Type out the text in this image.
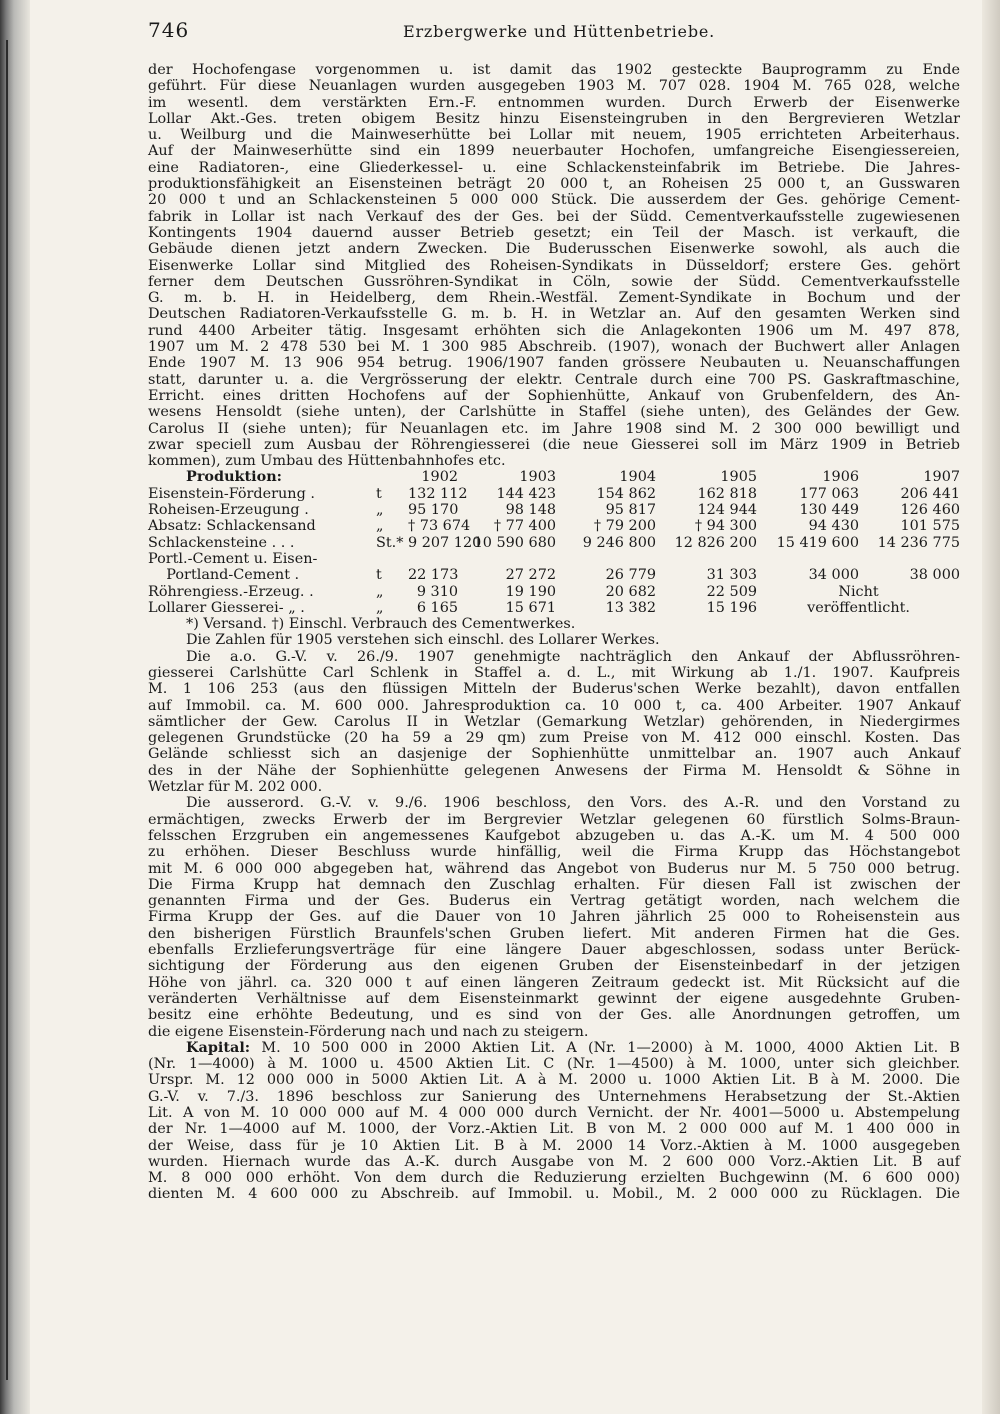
746	Erzbergwerke und Hüttenbetriebe.
der Hochofengase vorgenommen u. ist damit das 1902 gesteckte Bauprogramm zu Ende
geführt. Für diese Neuanlagen wurden ausgegeben 1903 M. 707 028. 1904 M. 765 028, welche
im wesentl. dem verstärkten Ern.-F. entnommen wurden. Durch Erwerb der Eisenwerke
Lollar Akt.-Ges. treten obigem Besitz hinzu Eisensteingruben in den Bergrevieren Wetzlar
u. Weilburg und die Mainweserhütte bei Lollar mit neuem, 1905 errichteten Arbeiterhaus.
Auf der Mainweserhütte sind ein 1899 neuerbauter Hochofen, umfangreiche Eisengiessereien,
eine Radiatoren-, eine Gliederkessel- u. eine Schlackensteinfabrik im Betriebe. Die Jahres-
produktionsfähigkeit an Eisensteinen beträgt 20 000 t, an Roheisen 25 000 t, an Gusswaren
20 000 t und an Schlackensteinen 5 000 000 Stück. Die ausserdem der Ges. gehörige Cement-
fabrik in Lollar ist nach Verkauf des der Ges. bei der Südd. Cementverkaufsstelle zugewiesenen
Kontingents 1904 dauernd ausser Betrieb gesetzt; ein Teil der Masch. ist verkauft, die
Gebäude dienen jetzt andern Zwecken. Die Buderusschen Eisenwerke sowohl, als auch die
Eisenwerke Lollar sind Mitglied des Roheisen-Syndikats in Düsseldorf; erstere Ges. gehört
ferner dem Deutschen Gussröhren-Syndikat in Cöln, sowie der Südd. Cementverkaufsstelle
G. m. b. H. in Heidelberg, dem Rhein.-Westfäl. Zement-Syndikate in Bochum und der
Deutschen Radiatoren-Verkaufsstelle G. m. b. H. in Wetzlar an. Auf den gesamten Werken sind
rund 4400 Arbeiter tätig. Insgesamt erhöhten sich die Anlagekonten 1906 um M. 497 878,
1907 um M. 2 478 530 bei M. 1 300 985 Abschreib. (1907), wonach der Buchwert aller Anlagen
Ende 1907 M. 13 906 954 betrug. 1906/1907 fanden grössere Neubauten u. Neuanschaffungen
statt, darunter u. a. die Vergrösserung der elektr. Centrale durch eine 700 PS. Gaskraftmaschine,
Erricht. eines dritten Hochofens auf der Sophienhütte, Ankauf von Grubenfeldern, des An-
wesens Hensoldt (siehe unten), der Carlshütte in Staffel (siehe unten), des Geländes der Gew.
Carolus II (siehe unten); für Neuanlagen etc. im Jahre 1908 sind M. 2 300 000 bewilligt und
zwar speciell zum Ausbau der Röhrengiesserei (die neue Giesserei soll im März 1909 in Betrieb
kommen), zum Umbau des Hüttenbahnhofes etc.
Produktion:		1902	1903	1904	1905	1906	1907
Eisenstein-Förderung .	t	132 112	144 423	154 862	162 818	177 063	206 441
Roheisen-Erzeugung .	„	95 170	98 148	95 817	124 944	130 449	126 460
Absatz: Schlackensand	„	† 73 674	† 77 400	† 79 200	† 94 300	94 430	101 575
Schlackensteine . . .	St.*	9 207 120	10 590 680	9 246 800	12 826 200	15 419 600	14 236 775
Portl.-Cement u. Eisen-							
Portland-Cement .	t	22 173	27 272	26 779	31 303	34 000	38 000
Röhrengiess.-Erzeug. .	„	9 310	19 190	20 682	22 509	Nicht	
Lollarer Giesserei- „ .	„	6 165	15 671	13 382	15 196	veröffentlicht.	
*) Versand. †) Einschl. Verbrauch des Cementwerkes.
Die Zahlen für 1905 verstehen sich einschl. des Lollarer Werkes.
Die a.o. G.-V. v. 26./9. 1907 genehmigte nachträglich den Ankauf der Abflussröhren-
giesserei Carlshütte Carl Schlenk in Staffel a. d. L., mit Wirkung ab 1./1. 1907. Kaufpreis
M. 1 106 253 (aus den flüssigen Mitteln der Buderus'schen Werke bezahlt), davon entfallen
auf Immobil. ca. M. 600 000. Jahresproduktion ca. 10 000 t, ca. 400 Arbeiter. 1907 Ankauf
sämtlicher der Gew. Carolus II in Wetzlar (Gemarkung Wetzlar) gehörenden, in Niedergirmes
gelegenen Grundstücke (20 ha 59 a 29 qm) zum Preise von M. 412 000 einschl. Kosten. Das
Gelände schliesst sich an dasjenige der Sophienhütte unmittelbar an. 1907 auch Ankauf
des in der Nähe der Sophienhütte gelegenen Anwesens der Firma M. Hensoldt & Söhne in
Wetzlar für M. 202 000.
Die ausserord. G.-V. v. 9./6. 1906 beschloss, den Vors. des A.-R. und den Vorstand zu
ermächtigen, zwecks Erwerb der im Bergrevier Wetzlar gelegenen 60 fürstlich Solms-Braun-
felsschen Erzgruben ein angemessenes Kaufgebot abzugeben u. das A.-K. um M. 4 500 000
zu erhöhen. Dieser Beschluss wurde hinfällig, weil die Firma Krupp das Höchstangebot
mit M. 6 000 000 abgegeben hat, während das Angebot von Buderus nur M. 5 750 000 betrug.
Die Firma Krupp hat demnach den Zuschlag erhalten. Für diesen Fall ist zwischen der
genannten Firma und der Ges. Buderus ein Vertrag getätigt worden, nach welchem die
Firma Krupp der Ges. auf die Dauer von 10 Jahren jährlich 25 000 to Roheisenstein aus
den bisherigen Fürstlich Braunfels'schen Gruben liefert. Mit anderen Firmen hat die Ges.
ebenfalls Erzlieferungsverträge für eine längere Dauer abgeschlossen, sodass unter Berück-
sichtigung der Förderung aus den eigenen Gruben der Eisensteinbedarf in der jetzigen
Höhe von jährl. ca. 320 000 t auf einen längeren Zeitraum gedeckt ist. Mit Rücksicht auf die
veränderten Verhältnisse auf dem Eisensteinmarkt gewinnt der eigene ausgedehnte Gruben-
besitz eine erhöhte Bedeutung, und es sind von der Ges. alle Anordnungen getroffen, um
die eigene Eisenstein-Förderung nach und nach zu steigern.
Kapital: M. 10 500 000 in 2000 Aktien Lit. A (Nr. 1—2000) à M. 1000, 4000 Aktien Lit. B
(Nr. 1—4000) à M. 1000 u. 4500 Aktien Lit. C (Nr. 1—4500) à M. 1000, unter sich gleichber.
Urspr. M. 12 000 000 in 5000 Aktien Lit. A à M. 2000 u. 1000 Aktien Lit. B à M. 2000. Die
G.-V. v. 7./3. 1896 beschloss zur Sanierung des Unternehmens Herabsetzung der St.-Aktien
Lit. A von M. 10 000 000 auf M. 4 000 000 durch Vernicht. der Nr. 4001—5000 u. Abstempelung
der Nr. 1—4000 auf M. 1000, der Vorz.-Aktien Lit. B von M. 2 000 000 auf M. 1 400 000 in
der Weise, dass für je 10 Aktien Lit. B à M. 2000 14 Vorz.-Aktien à M. 1000 ausgegeben
wurden. Hiernach wurde das A.-K. durch Ausgabe von M. 2 600 000 Vorz.-Aktien Lit. B auf
M. 8 000 000 erhöht. Von dem durch die Reduzierung erzielten Buchgewinn (M. 6 600 000)
dienten M. 4 600 000 zu Abschreib. auf Immobil. u. Mobil., M. 2 000 000 zu Rücklagen. Die
